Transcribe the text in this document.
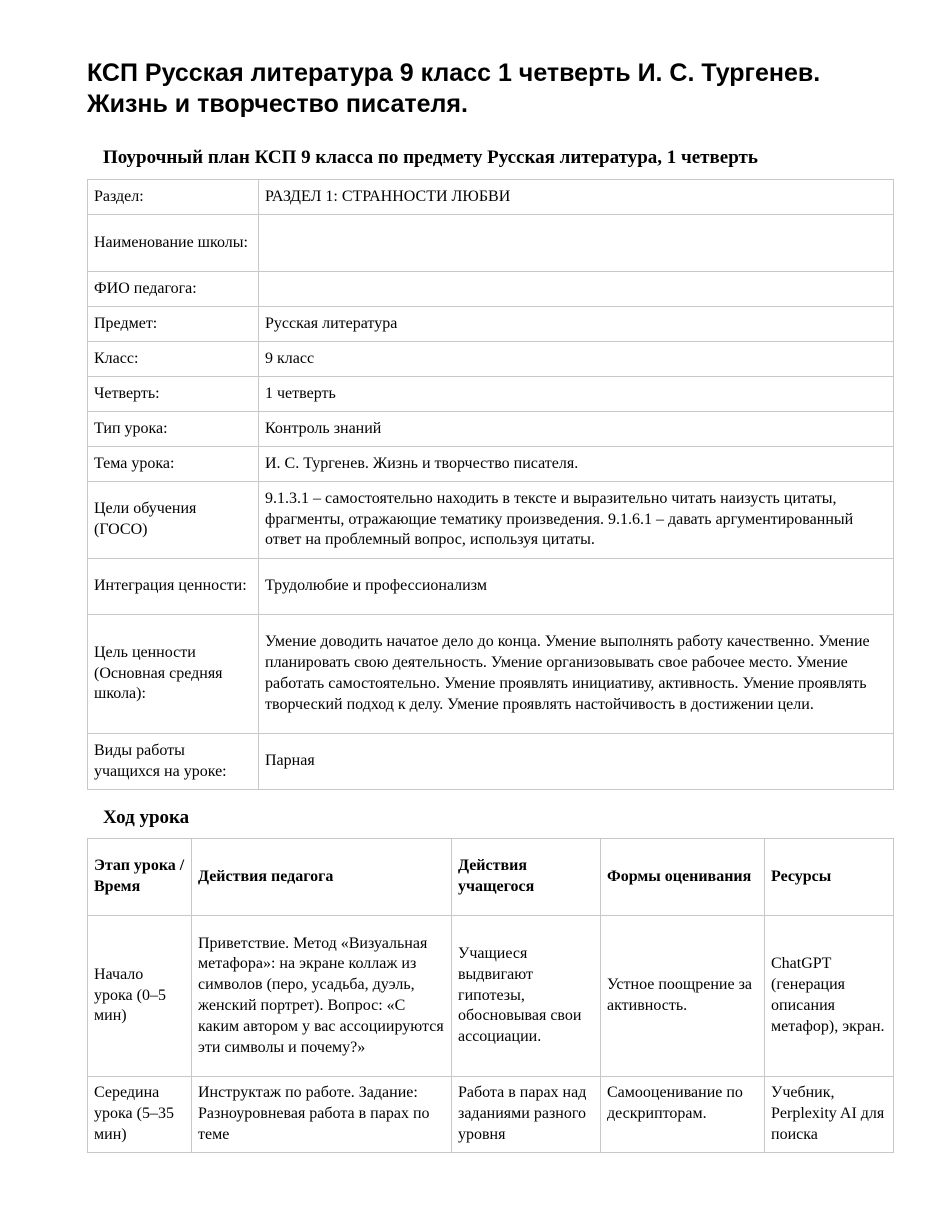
КСП Русская литература 9 класс 1 четверть И. С. Тургенев. Жизнь и творчество писателя.

Поурочный план КСП 9 класса по предмету Русская литература, 1 четверть

Раздел:	РАЗДЕЛ 1: СТРАННОСТИ ЛЮБВИ
Наименование школы:	
ФИО педагога:	
Предмет:	Русская литература
Класс:	9 класс
Четверть:	1 четверть
Тип урока:	Контроль знаний
Тема урока:	И. С. Тургенев. Жизнь и творчество писателя.
Цели обучения (ГОСО)	9.1.3.1 – самостоятельно находить в тексте и выразительно читать наизусть цитаты, фрагменты, отражающие тематику произведения. 9.1.6.1 – давать аргументированный ответ на проблемный вопрос, используя цитаты.
Интеграция ценности:	Трудолюбие и профессионализм
Цель ценности (Основная средняя школа):	Умение доводить начатое дело до конца. Умение выполнять работу качественно. Умение планировать свою деятельность. Умение организовывать свое рабочее место. Умение работать самостоятельно. Умение проявлять инициативу, активность. Умение проявлять творческий подход к делу. Умение проявлять настойчивость в достижении цели.
Виды работы учащихся на уроке:	Парная

Ход урока

Этап урока / Время	Действия педагога	Действия учащегося	Формы оценивания	Ресурсы
Начало урока (0–5 мин)	Приветствие. Метод «Визуальная метафора»: на экране коллаж из символов (перо, усадьба, дуэль, женский портрет). Вопрос: «С каким автором у вас ассоциируются эти символы и почему?»	Учащиеся выдвигают гипотезы, обосновывая свои ассоциации.	Устное поощрение за активность.	ChatGPT (генерация описания метафор), экран.
Середина урока (5–35 мин)	Инструктаж по работе. Задание: Разноуровневая работа в парах по теме	Работа в парах над заданиями разного уровня	Самооценивание по дескрипторам.	Учебник, Perplexity AI для поиска
